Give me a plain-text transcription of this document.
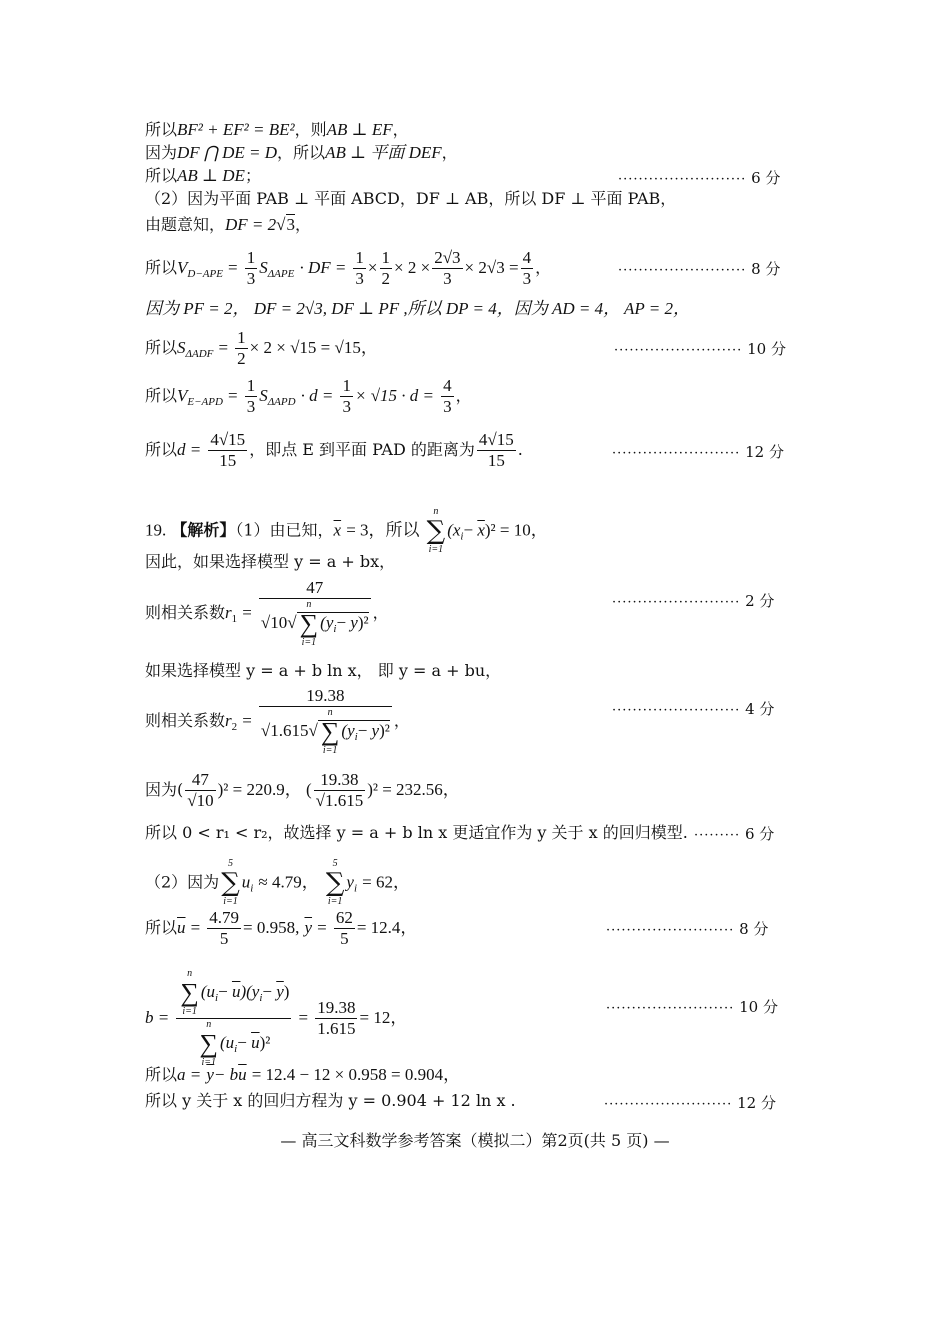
所以BF² + EF² = BE²，则AB ⊥ EF，
因为DF ⋂ DE = D，所以AB ⊥ 平面 DEF，
所以AB ⊥ DE；	························· 6 分
（2）因为平面 PAB ⊥ 平面 ABCD，DF ⊥ AB，所以 DF ⊥ 平面 PAB，
由题意知，DF = 2√3，
所以$V_{D-APE} = \frac{1}{3} S_{\Delta APE}$ · DF = $\frac{1}{3} \times \frac{1}{2} \times 2 \times \frac{2√3}{3} \times 2√3 = \frac{4}{3}$ ，	························· 8 分
因为 PF = 2， DF = 2√3, DF ⊥ PF ,所以 DP = 4，因为 AD = 4， AP = 2，
所以$S_{\Delta ADF} = \frac{1}{2} \times 2 \times √15 = √15$，	························· 10 分
所以$V_{E-APD} = \frac{1}{3} S_{\Delta APD} \cdot d = \frac{1}{3} \times √15 \cdot d = \frac{4}{3}$ ，
所以$d = \frac{4√15}{15}$ ，即点 E 到平面 PAD 的距离为 $\frac{4√15}{15}$ .	························· 12 分
19. 【解析】（1）由已知，$\overline{x} = 3$，所以
n
∑
i=1
$(x_i- \overline{x})^2 = 10$，
因此，如果选择模型 y = a + bx，
则相关系数$r_1 = 47$
√10√
n
∑
i=1
$(y_i- \overline{y})^2$ ，
························· 2 分
如果选择模型 y = a + b ln x， 即 y = a + bu，
则相关系数$r_2 = 19.38$
√1.615√
n
∑
i=1
$(y_i- \overline{y})^2$ ，
························· 4 分
因为( $\frac{47}{√10} )^2 = 220.9$， ( $\frac{19.38}{√1.615} )^2 = 232.56$，
所以 0 < r₁ < r₂，故选择 y = a + b ln x 更适宜作为 y 关于 x 的回归模型. ········· 6 分
（2）因为
5
∑
i=1
$u_i \approx 4.79$，
5
∑
i=1
$y_i = 62$，
所以$\overline{u} = \frac{4.79}{5} = 0.958$, $\overline{y} = \frac{62}{5} = 12.4$，	························· 8 分
b = n
∑
i=1
$(u_i- \overline{u})(y_i- \overline{y})$
n
∑
i=1
$(u_i- \overline{u})^2 = \frac{19.38}{1.615} = 12$，	························· 10 分
所以$a = \overline{y}- b\overline{u} = 12.4 - 12 \times 0.958 = 0.904$，
所以 y 关于 x 的回归方程为 y = 0.904 + 12 ln x .	························· 12 分
— 高三文科数学参考答案（模拟二）第2页(共 5 页) —
